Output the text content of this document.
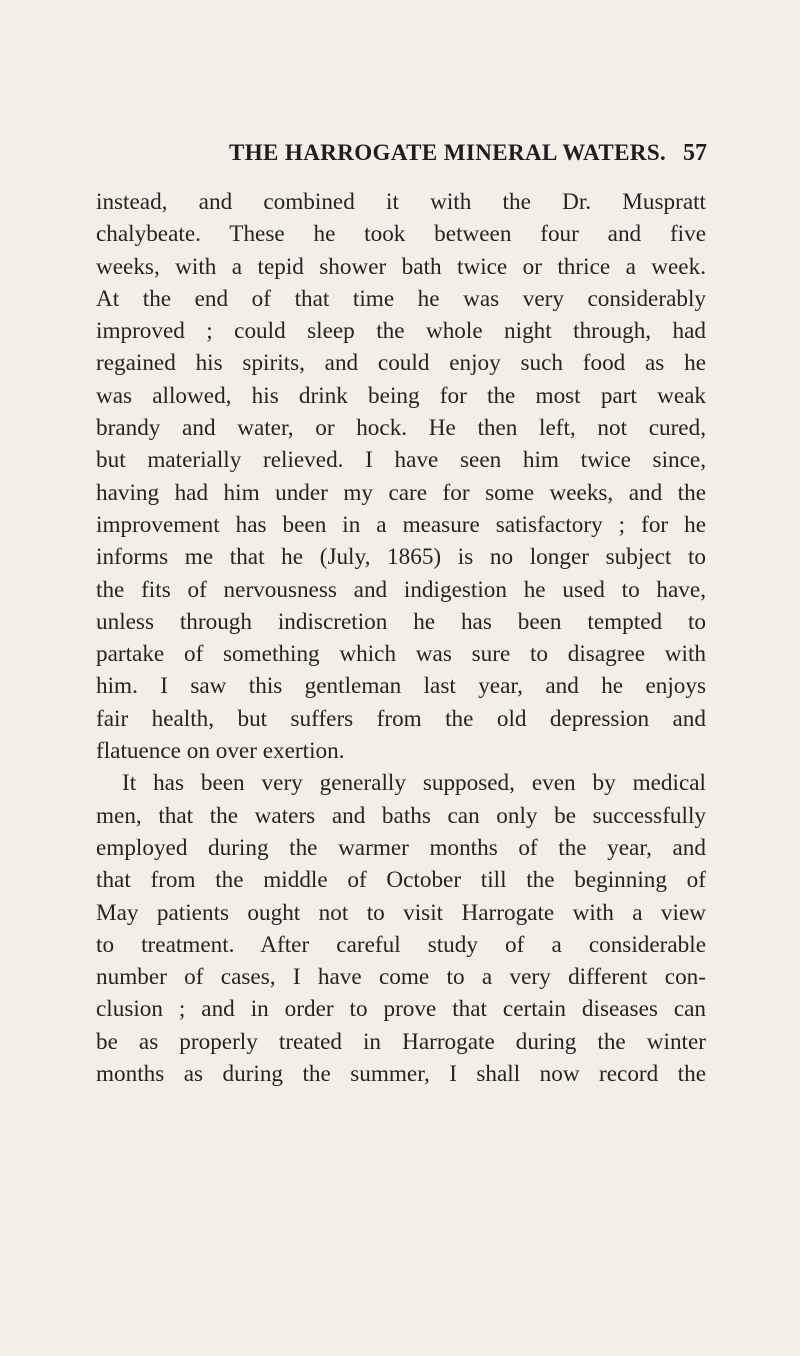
THE HARROGATE MINERAL WATERS. 57
instead, and combined it with the Dr. Muspratt
chalybeate. These he took between four and five
weeks, with a tepid shower bath twice or thrice a week.
At the end of that time he was very considerably
improved ; could sleep the whole night through, had
regained his spirits, and could enjoy such food as he
was allowed, his drink being for the most part weak
brandy and water, or hock. He then left, not cured,
but materially relieved. I have seen him twice since,
having had him under my care for some weeks, and the
improvement has been in a measure satisfactory ; for he
informs me that he (July, 1865) is no longer subject to
the fits of nervousness and indigestion he used to have,
unless through indiscretion he has been tempted to
partake of something which was sure to disagree with
him. I saw this gentleman last year, and he enjoys
fair health, but suffers from the old depression and
flatuence on over exertion.
It has been very generally supposed, even by medical
men, that the waters and baths can only be successfully
employed during the warmer months of the year, and
that from the middle of October till the beginning of
May patients ought not to visit Harrogate with a view
to treatment. After careful study of a considerable
number of cases, I have come to a very different con-
clusion ; and in order to prove that certain diseases can
be as properly treated in Harrogate during the winter
months as during the summer, I shall now record the
